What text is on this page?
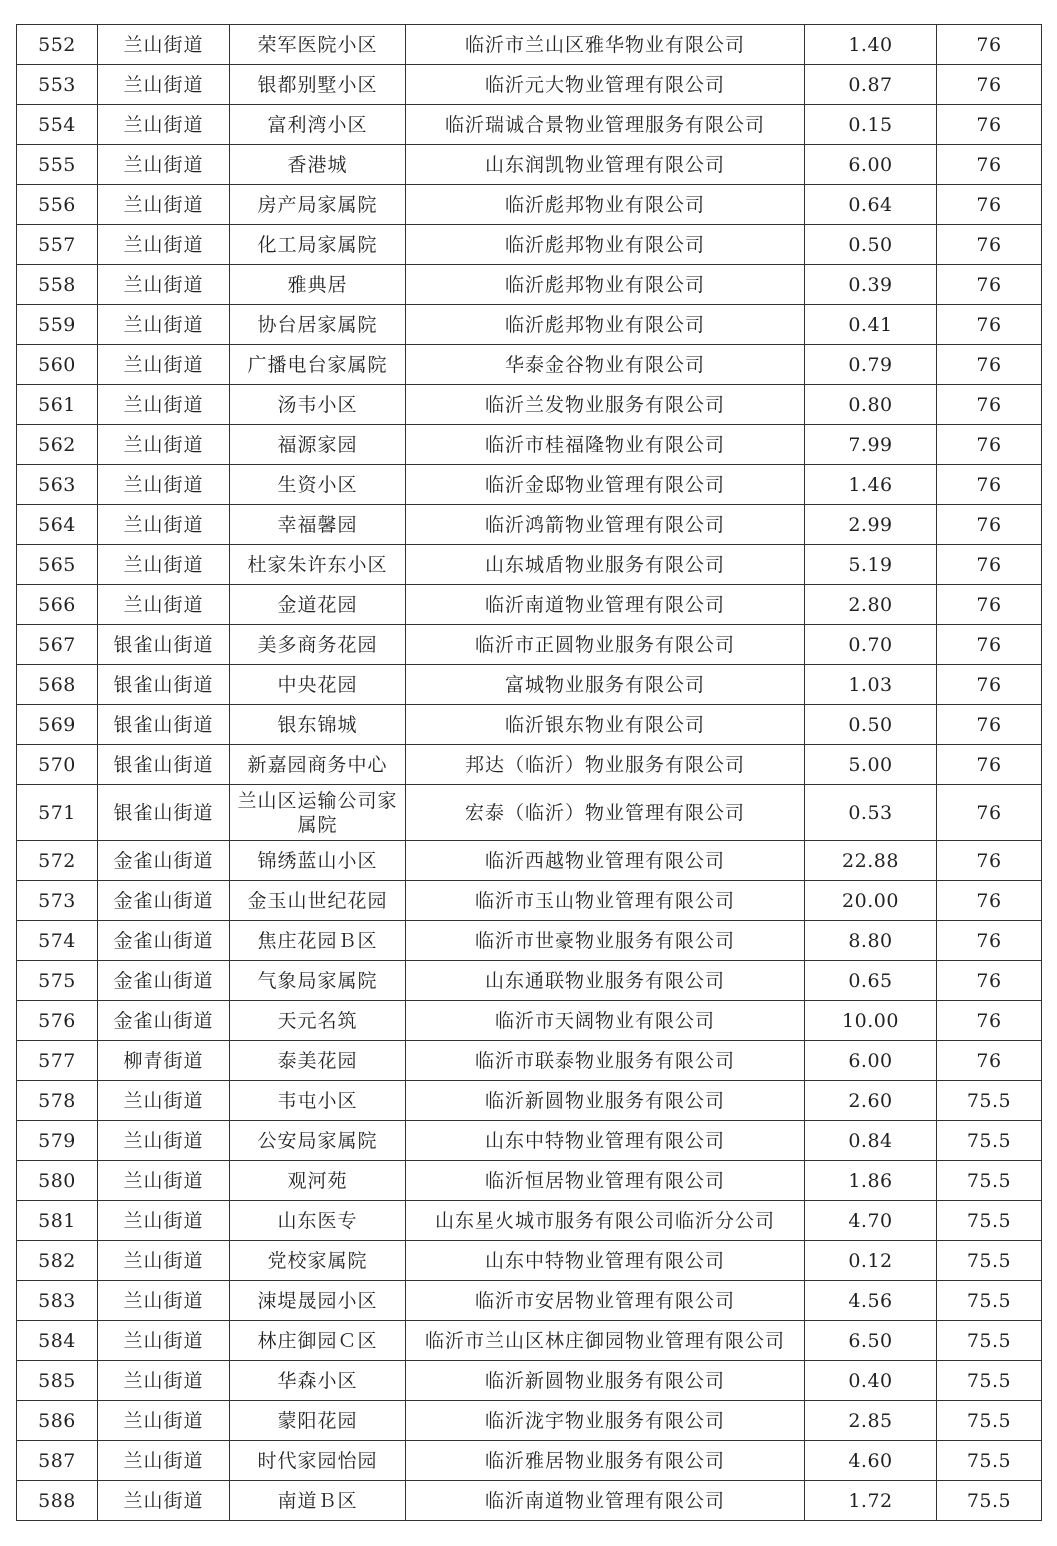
552	兰山街道	荣军医院小区	临沂市兰山区雅华物业有限公司	1.40	76
553	兰山街道	银都别墅小区	临沂元大物业管理有限公司	0.87	76
554	兰山街道	富利湾小区	临沂瑞诚合景物业管理服务有限公司	0.15	76
555	兰山街道	香港城	山东润凯物业管理有限公司	6.00	76
556	兰山街道	房产局家属院	临沂彪邦物业有限公司	0.64	76
557	兰山街道	化工局家属院	临沂彪邦物业有限公司	0.50	76
558	兰山街道	雅典居	临沂彪邦物业有限公司	0.39	76
559	兰山街道	协台居家属院	临沂彪邦物业有限公司	0.41	76
560	兰山街道	广播电台家属院	华泰金谷物业有限公司	0.79	76
561	兰山街道	汤韦小区	临沂兰发物业服务有限公司	0.80	76
562	兰山街道	福源家园	临沂市桂福隆物业有限公司	7.99	76
563	兰山街道	生资小区	临沂金邸物业管理有限公司	1.46	76
564	兰山街道	幸福馨园	临沂鸿箭物业管理有限公司	2.99	76
565	兰山街道	杜家朱许东小区	山东城盾物业服务有限公司	5.19	76
566	兰山街道	金道花园	临沂南道物业管理有限公司	2.80	76
567	银雀山街道	美多商务花园	临沂市正圆物业服务有限公司	0.70	76
568	银雀山街道	中央花园	富城物业服务有限公司	1.03	76
569	银雀山街道	银东锦城	临沂银东物业有限公司	0.50	76
570	银雀山街道	新嘉园商务中心	邦达（临沂）物业服务有限公司	5.00	76
571	银雀山街道	兰山区运输公司家属院	宏泰（临沂）物业管理有限公司	0.53	76
572	金雀山街道	锦绣蓝山小区	临沂西越物业管理有限公司	22.88	76
573	金雀山街道	金玉山世纪花园	临沂市玉山物业管理有限公司	20.00	76
574	金雀山街道	焦庄花园Ｂ区	临沂市世豪物业服务有限公司	8.80	76
575	金雀山街道	气象局家属院	山东通联物业服务有限公司	0.65	76
576	金雀山街道	天元名筑	临沂市天阔物业有限公司	10.00	76
577	柳青街道	泰美花园	临沂市联泰物业服务有限公司	6.00	76
578	兰山街道	韦屯小区	临沂新圆物业服务有限公司	2.60	75.5
579	兰山街道	公安局家属院	山东中特物业管理有限公司	0.84	75.5
580	兰山街道	观河苑	临沂恒居物业管理有限公司	1.86	75.5
581	兰山街道	山东医专	山东星火城市服务有限公司临沂分公司	4.70	75.5
582	兰山街道	党校家属院	山东中特物业管理有限公司	0.12	75.5
583	兰山街道	涑堤晟园小区	临沂市安居物业管理有限公司	4.56	75.5
584	兰山街道	林庄御园Ｃ区	临沂市兰山区林庄御园物业管理有限公司	6.50	75.5
585	兰山街道	华森小区	临沂新圆物业服务有限公司	0.40	75.5
586	兰山街道	蒙阳花园	临沂泷宇物业服务有限公司	2.85	75.5
587	兰山街道	时代家园怡园	临沂雅居物业服务有限公司	4.60	75.5
588	兰山街道	南道Ｂ区	临沂南道物业管理有限公司	1.72	75.5
